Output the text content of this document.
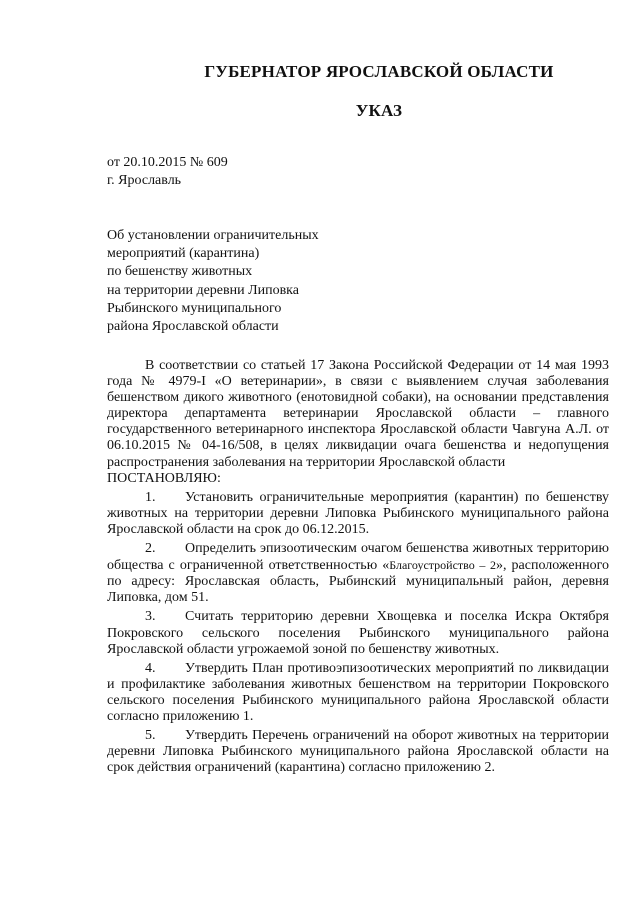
ГУБЕРНАТОР ЯРОСЛАВСКОЙ ОБЛАСТИ
УКАЗ
от 20.10.2015 № 609
г. Ярославль
Об установлении ограничительных
мероприятий (карантина)
по бешенству животных
на территории деревни Липовка
Рыбинского муниципального
района Ярославской области

В соответствии со статьей 17 Закона Российской Федерации от 14 мая 1993 года № 4979-I «О ветеринарии», в связи с выявлением случая заболевания бешенством дикого животного (енотовидной собаки), на основании представления директора департамента ветеринарии Ярославской области – главного государственного ветеринарного инспектора Ярославской области Чавгуна А.Л. от 06.10.2015 № 04-16/508, в целях ликвидации очага бешенства и недопущения распространения заболевания на территории Ярославской области

ПОСТАНОВЛЯЮ:

1. Установить ограничительные мероприятия (карантин) по бешенству животных на территории деревни Липовка Рыбинского муниципального района Ярославской области на срок до 06.12.2015.

2. Определить эпизоотическим очагом бешенства животных территорию общества с ограниченной ответственностью «Благоустройство – 2», расположенного по адресу: Ярославская область, Рыбинский муниципальный район, деревня Липовка, дом 51.

3. Считать территорию деревни Хвощевка и поселка Искра Октября Покровского сельского поселения Рыбинского муниципального района Ярославской области угрожаемой зоной по бешенству животных.

4. Утвердить План противоэпизоотических мероприятий по ликвидации и профилактике заболевания животных бешенством на территории Покровского сельского поселения Рыбинского муниципального района Ярославской области согласно приложению 1.

5. Утвердить Перечень ограничений на оборот животных на территории деревни Липовка Рыбинского муниципального района Ярославской области на срок действия ограничений (карантина) согласно приложению 2.
